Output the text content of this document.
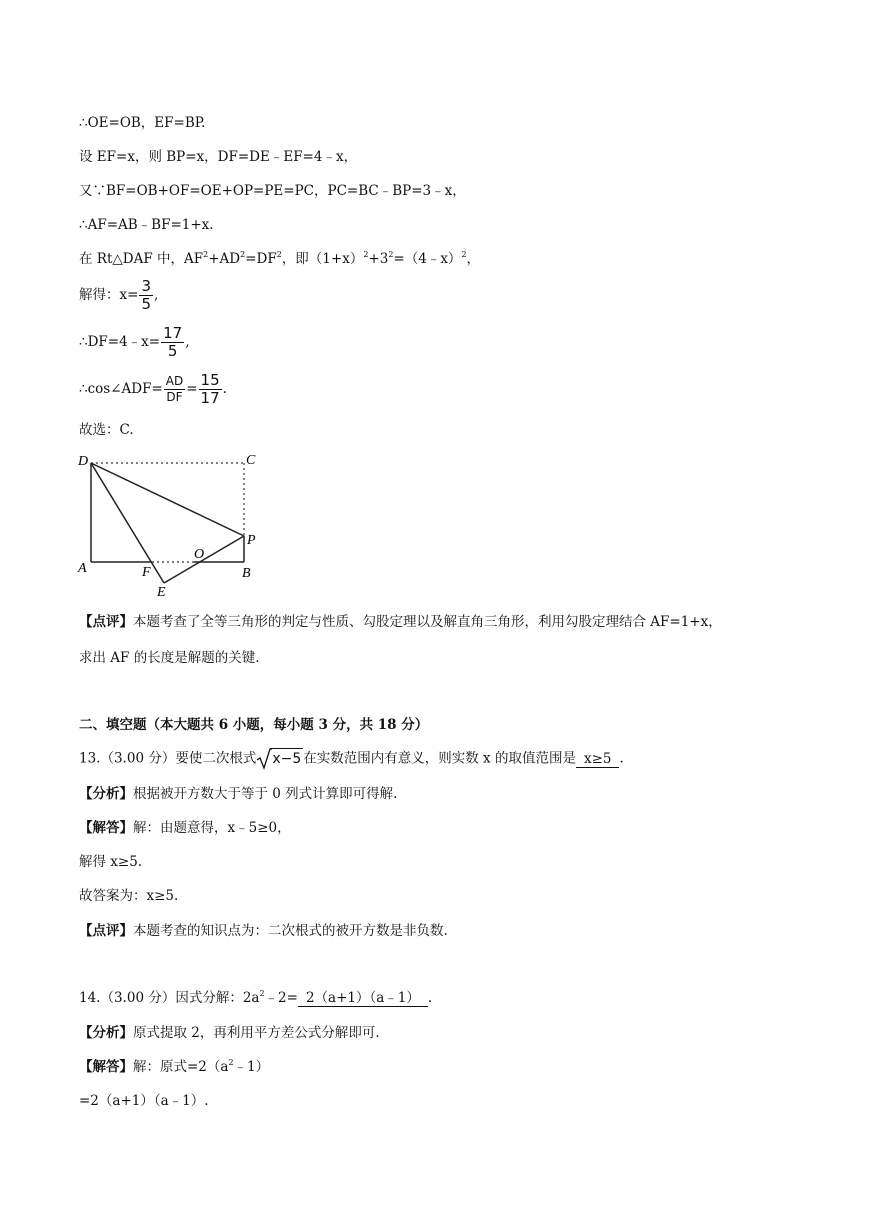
∴OE=OB，EF=BP.
设 EF=x，则 BP=x，DF=DE﹣EF=4﹣x，
又∵BF=OB+OF=OE+OP=PE=PC，PC=BC﹣BP=3﹣x，
∴AF=AB﹣BF=1+x.
在 Rt△DAF 中，$AF^2+AD^2=DF^2$，即$(1+x)^2+3^2=(4﹣x)^2$，
解得：$x= \frac{3}{5}$ ,
∴DF=4﹣x= $\frac{17}{5}$ ,
∴cos∠ADF= $\frac{AD}{DF} = \frac{15}{17}$ .
故选：C.
D	C
A	F
O
P
B
E
【点评】本题考查了全等三角形的判定与性质、勾股定理以及解直角三角形，利用勾股定理结合 AF=1+x，
求出 AF 的长度是解题的关键.
二、填空题（本大题共 6 小题，每小题 3 分，共 18 分）
13.（3.00 分）要使二次根式 x−5 在实数范围内有意义，则实数 x 的取值范围是 x≥5 .
【分析】根据被开方数大于等于 0 列式计算即可得解.
【解答】解：由题意得，x﹣5≥0，
解得 x≥5.
故答案为：x≥5.
【点评】本题考查的知识点为：二次根式的被开方数是非负数.
14.（3.00 分）因式分解：$2a^2﹣2=$ 2（a+1）（a﹣1） .
【分析】原式提取 2，再利用平方差公式分解即可.
【解答】解：原式$=2(a^2﹣1)$
=2（a+1）（a﹣1）.
